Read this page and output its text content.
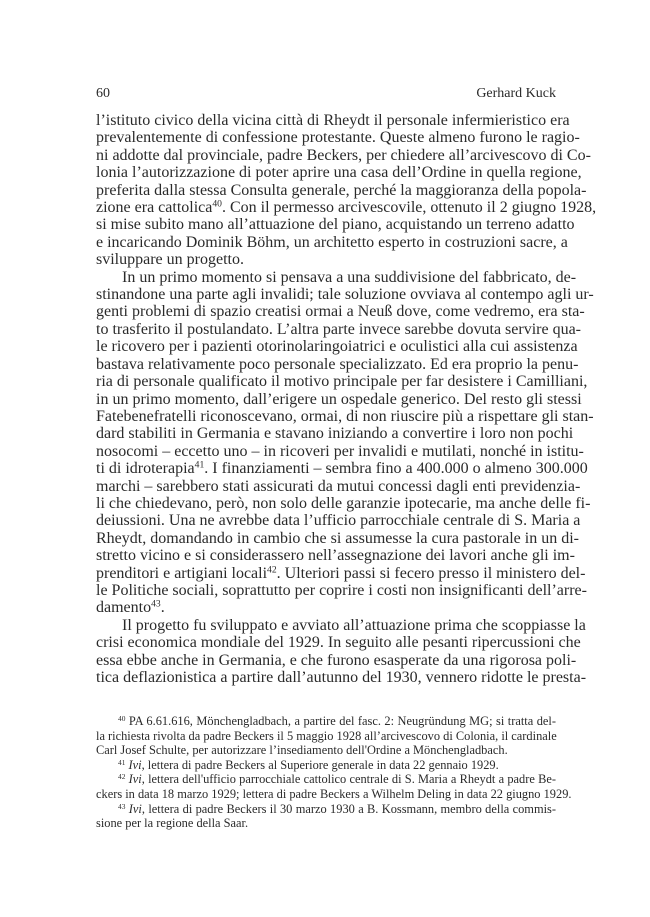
60	Gerhard Kuck
l’istituto civico della vicina città di Rheydt il personale infermieristico era
prevalentemente di confessione protestante. Queste almeno furono le ragio-
ni addotte dal provinciale, padre Beckers, per chiedere all’arcivescovo di Co-
lonia l’autorizzazione di poter aprire una casa dell’Ordine in quella regione,
preferita dalla stessa Consulta generale, perché la maggioranza della popola-
zione era cattolica$^{40}$. Con il permesso arcivescovile, ottenuto il 2 giugno 1928,
si mise subito mano all’attuazione del piano, acquistando un terreno adatto
e incaricando Dominik Böhm, un architetto esperto in costruzioni sacre, a
sviluppare un progetto.
In un primo momento si pensava a una suddivisione del fabbricato, de-
stinandone una parte agli invalidi; tale soluzione ovviava al contempo agli ur-
genti problemi di spazio creatisi ormai a Neuß dove, come vedremo, era sta-
to trasferito il postulandato. L’altra parte invece sarebbe dovuta servire qua-
le ricovero per i pazienti otorinolaringoiatrici e oculistici alla cui assistenza
bastava relativamente poco personale specializzato. Ed era proprio la penu-
ria di personale qualificato il motivo principale per far desistere i Camilliani,
in un primo momento, dall’erigere un ospedale generico. Del resto gli stessi
Fatebenefratelli riconoscevano, ormai, di non riuscire più a rispettare gli stan-
dard stabiliti in Germania e stavano iniziando a convertire i loro non pochi
nosocomi – eccetto uno – in ricoveri per invalidi e mutilati, nonché in istitu-
ti di idroterapia$^{41}$. I finanziamenti – sembra fino a 400.000 o almeno 300.000
marchi – sarebbero stati assicurati da mutui concessi dagli enti previdenzia-
li che chiedevano, però, non solo delle garanzie ipotecarie, ma anche delle fi-
deiussioni. Una ne avrebbe data l’ufficio parrocchiale centrale di S. Maria a
Rheydt, domandando in cambio che si assumesse la cura pastorale in un di-
stretto vicino e si considerassero nell’assegnazione dei lavori anche gli im-
prenditori e artigiani locali$^{42}$. Ulteriori passi si fecero presso il ministero del-
le Politiche sociali, soprattutto per coprire i costi non insignificanti dell’arre-
damento$^{43}$.
Il progetto fu sviluppato e avviato all’attuazione prima che scoppiasse la
crisi economica mondiale del 1929. In seguito alle pesanti ripercussioni che
essa ebbe anche in Germania, e che furono esasperate da una rigorosa poli-
tica deflazionistica a partire dall’autunno del 1930, vennero ridotte le presta-
$^{40}$ PA 6.61.616, Mönchengladbach, a partire del fasc. 2: Neugründung MG; si tratta del-
la richiesta rivolta da padre Beckers il 5 maggio 1928 all’arcivescovo di Colonia, il cardinale
Carl Josef Schulte, per autorizzare l’insediamento dell'Ordine a Mönchengladbach.
$^{41}$ Ivi, lettera di padre Beckers al Superiore generale in data 22 gennaio 1929.
$^{42}$ Ivi, lettera dell'ufficio parrocchiale cattolico centrale di S. Maria a Rheydt a padre Be-
ckers in data 18 marzo 1929; lettera di padre Beckers a Wilhelm Deling in data 22 giugno 1929.
$^{43}$ Ivi, lettera di padre Beckers il 30 marzo 1930 a B. Kossmann, membro della commis-
sione per la regione della Saar.
